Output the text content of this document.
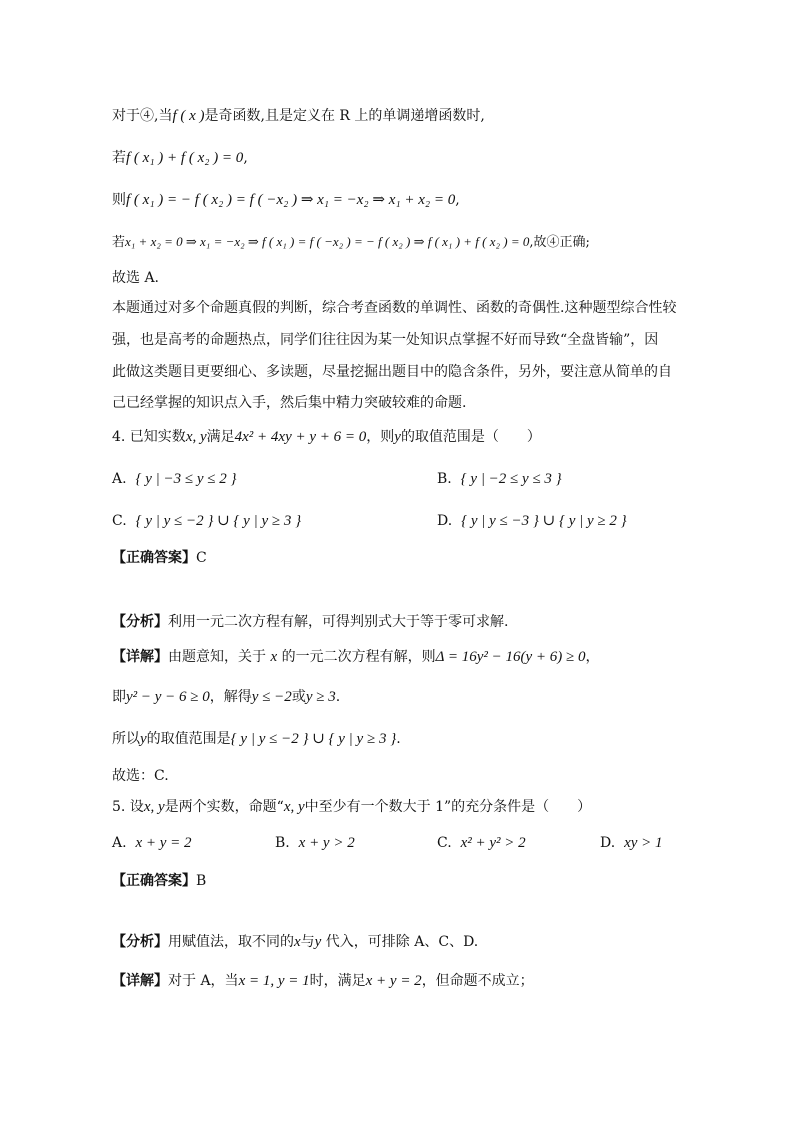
对于④,当f ( x )是奇函数,且是定义在 R 上的单调递增函数时,
若f ( x₁ ) + f ( x₂ ) = 0,
则f ( x₁ ) = − f ( x₂ ) = f ( −x₂ ) ⇒ x₁ = −x₂ ⇒ x₁ + x₂ = 0,
若x₁ + x₂ = 0 ⇒ x₁ = −x₂ ⇒ f ( x₁ ) = f ( −x₂ ) = − f ( x₂ ) ⇒ f ( x₁ ) + f ( x₂ ) = 0,故④正确;
故选 A.
本题通过对多个命题真假的判断，综合考查函数的单调性、函数的奇偶性.这种题型综合性较
强，也是高考的命题热点，同学们往往因为某一处知识点掌握不好而导致“全盘皆输”，因
此做这类题目更要细心、多读题，尽量挖掘出题目中的隐含条件，另外，要注意从简单的自
己已经掌握的知识点入手，然后集中精力突破较难的命题.
4. 已知实数x, y满足4x² + 4xy + y + 6 = 0，则y的取值范围是（　　）
A. { y | −3 ≤ y ≤ 2 }	B. { y | −2 ≤ y ≤ 3 }
C. { y | y ≤ −2 } ∪ { y | y ≥ 3 }	D. { y | y ≤ −3 } ∪ { y | y ≥ 2 }
【正确答案】C
【分析】利用一元二次方程有解，可得判别式大于等于零可求解.
【详解】由题意知，关于 x 的一元二次方程有解，则Δ = 16y² − 16(y + 6) ≥ 0，
即y² − y − 6 ≥ 0，解得y ≤ −2或y ≥ 3.
所以y的取值范围是{ y | y ≤ −2 } ∪ { y | y ≥ 3 }.
故选：C.
5. 设x, y是两个实数，命题“x, y中至少有一个数大于 1”的充分条件是（　　）
A. x + y = 2	B. x + y > 2	C. x² + y² > 2	D. xy > 1
【正确答案】B
【分析】用赋值法，取不同的x与y 代入，可排除 A、C、D.
【详解】对于 A，当x = 1, y = 1时，满足x + y = 2，但命题不成立；
